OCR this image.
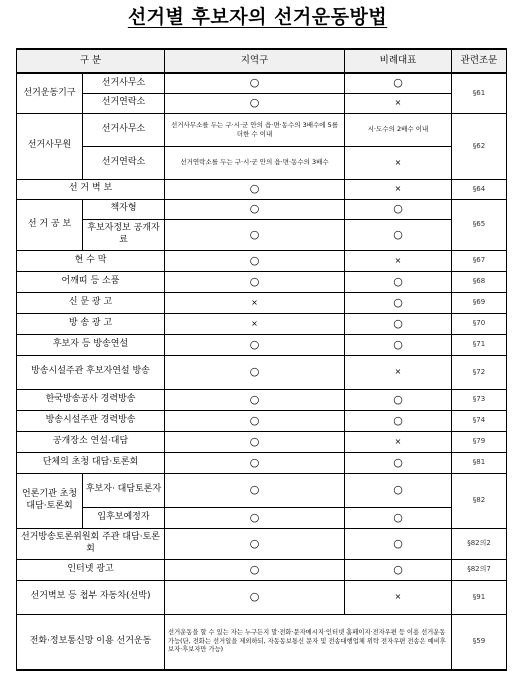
선거별 후보자의 선거운동방법
구 분		지역구	비례대표	관련조문
선거운동기구	선거사무소	○	○	§61
	선거연락소	○	×	
선거사무원	선거사무소	선거사무소를 두는 구·시·군 안의 읍·면·동수의 3배수에 5를 더한 수 이내	시·도수의 2배수 이내	§62
	선거연락소	선거연락소를 두는 구·시·군 안의 읍·면·동수의 3배수	×	
선 거 벽 보		○	×	§64
선 거 공 보	책자형	○	○	§65
	후보자정보 공개자료	○	○	
현 수 막		○	×	§67
어깨띠 등 소품		○	○	§68
신 문 광 고		×	○	§69
방 송 광 고		×	○	§70
후보자 등 방송연설		○	○	§71
방송시설주관 후보자연설 방송		○	×	§72
한국방송공사 경력방송		○	○	§73
방송시설주관 경력방송		○	○	§74
공개장소 연설·대담		○	×	§79
단체의 초청 대담·토론회		○	○	§81
언론기관 초청 대담·토론회	후보자· 대담토론자	○	○	§82
	입후보예정자	○	○	
선거방송토론위원회 주관 대담·토론회		○	○	§82의2
인터넷 광고		○	○	§82의7
선거벽보 등 첩부 자동차(선박)		○	×	§91
전화·정보통신망 이용 선거운동		선거운동을 할 수 있는 자는 누구든지 말·전화·문자메시지·인터넷 홈페이지·전자우편 등 이용 선거운동 가능(단, 전화는 선거일을 제외하되, 자동동보통신 문자 및 전송대행업체 위탁 전자우편 전송은 예비후보자·후보자만 가능)		§59
